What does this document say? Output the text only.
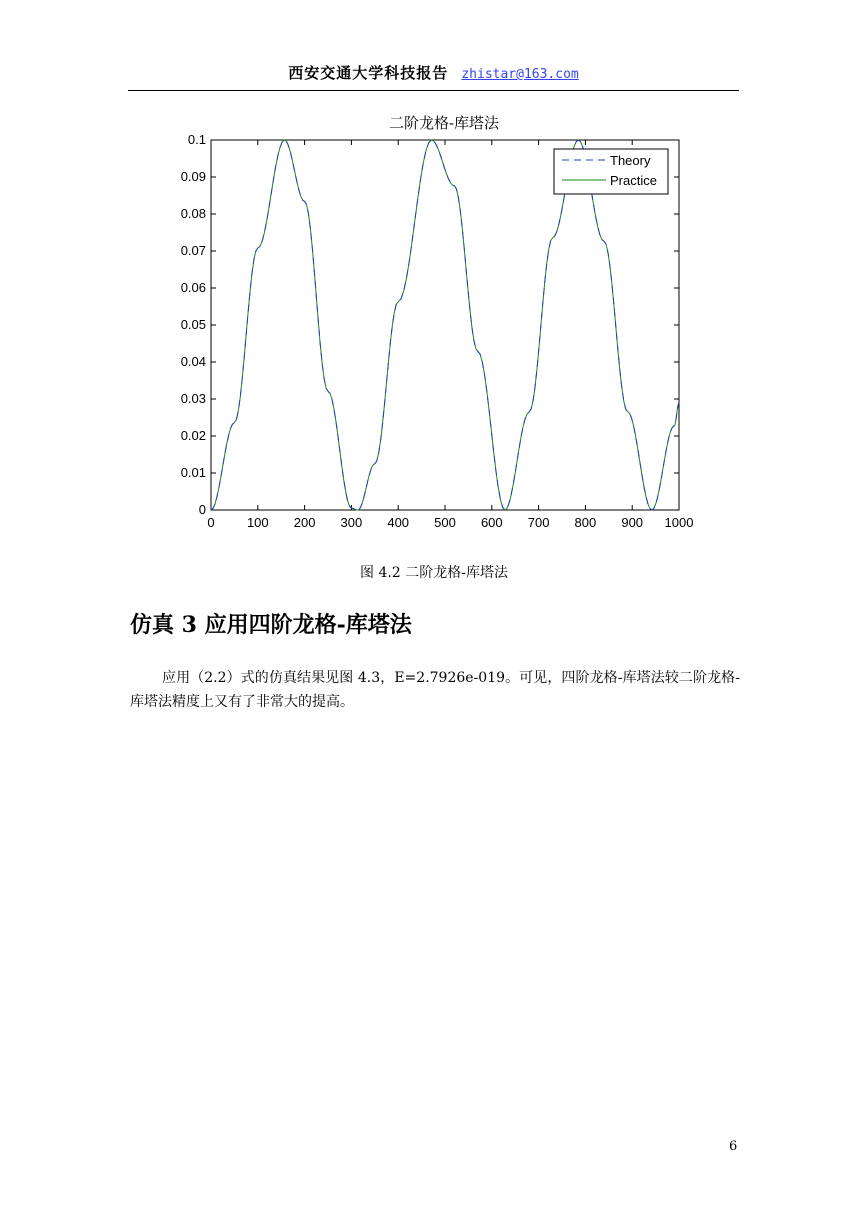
西安交通大学科技报告 zhistar@163.com
二阶龙格-库塔法
0 100 200 300 400 500 600 700 800 900 1000
0
0.01
0.02
0.03
0.04
0.05
0.06
0.07
0.08
0.09
0.1
Theory
Practice
图 4.2 二阶龙格-库塔法
仿真 3 应用四阶龙格-库塔法
应用（2.2）式的仿真结果见图 4.3，E=2.7926e-019。可见，四阶龙格-库塔法较二阶龙格-库塔法精度上又有了非常大的提高。
6
